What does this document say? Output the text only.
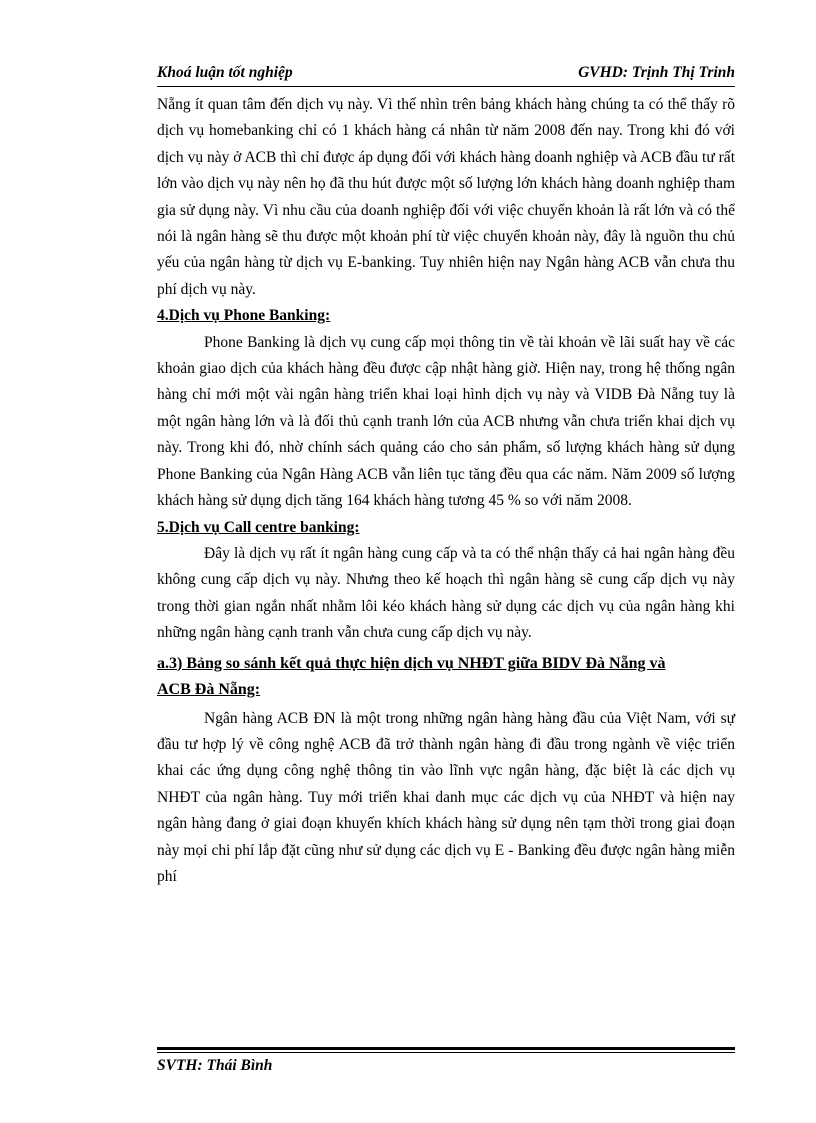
Khoá luận tốt nghiệp	GVHD: Trịnh Thị Trinh

Nẵng ít quan tâm đến dịch vụ này. Vì thế nhìn trên bảng khách hàng chúng ta có thể thấy rõ dịch vụ homebanking chỉ có 1 khách hàng cá nhân từ năm 2008 đến nay. Trong khi đó với dịch vụ này ở ACB thì chỉ được áp dụng đối với khách hàng doanh nghiệp và ACB đầu tư rất lớn vào dịch vụ này nên họ đã thu hút được một số lượng lớn khách hàng doanh nghiệp tham gia sử dụng này. Vì nhu cầu của doanh nghiệp đối với việc chuyển khoản là rất lớn và có thể nói là ngân hàng sẽ thu được một khoản phí từ việc chuyển khoản này, đây là nguồn thu chủ yếu của ngân hàng từ dịch vụ E-banking. Tuy nhiên hiện nay Ngân hàng ACB vẫn chưa thu phí dịch vụ này.

4.Dịch vụ Phone Banking:

Phone Banking là dịch vụ cung cấp mọi thông tin về tài khoản về lãi suất hay về các khoản giao dịch của khách hàng đều được cập nhật hàng giờ. Hiện nay, trong hệ thống ngân hàng chỉ mới một vài ngân hàng triển khai loại hình dịch vụ này và VIDB Đà Nẵng tuy là một ngân hàng lớn và là đối thủ cạnh tranh lớn của ACB nhưng vẫn chưa triển khai dịch vụ này. Trong khi đó, nhờ chính sách quảng cáo cho sản phẩm, số lượng khách hàng sử dụng Phone Banking của Ngân Hàng ACB vẫn liên tục tăng đều qua các năm. Năm 2009 số lượng khách hàng sử dụng dịch tăng 164 khách hàng tương 45 % so với năm 2008.

5.Dịch vụ Call centre banking:

Đây là dịch vụ rất ít ngân hàng cung cấp và ta có thể nhận thấy cả hai ngân hàng đều không cung cấp dịch vụ này. Nhưng theo kế hoạch thì ngân hàng sẽ cung cấp dịch vụ này trong thời gian ngắn nhất nhằm lôi kéo khách hàng sử dụng các dịch vụ của ngân hàng khi những ngân hàng cạnh tranh vẫn chưa cung cấp dịch vụ này.

a.3) Bảng so sánh kết quả thực hiện dịch vụ NHĐT giữa BIDV Đà Nẵng và
ACB Đà Nẵng:

Ngân hàng ACB ĐN là một trong những ngân hàng hàng đầu của Việt Nam, với sự đầu tư hợp lý về công nghệ ACB đã trở thành ngân hàng đi đầu trong ngành về việc triển khai các ứng dụng công nghệ thông tin vào lĩnh vực ngân hàng, đặc biệt là các dịch vụ NHĐT của ngân hàng. Tuy mới triển khai danh mục các dịch vụ của NHĐT và hiện nay ngân hàng đang ở giai đoạn khuyến khích khách hàng sử dụng nên tạm thời trong giai đoạn này mọi chi phí lắp đặt cũng như sử dụng các dịch vụ E - Banking đều được ngân hàng miễn phí

SVTH: Thái Bình
